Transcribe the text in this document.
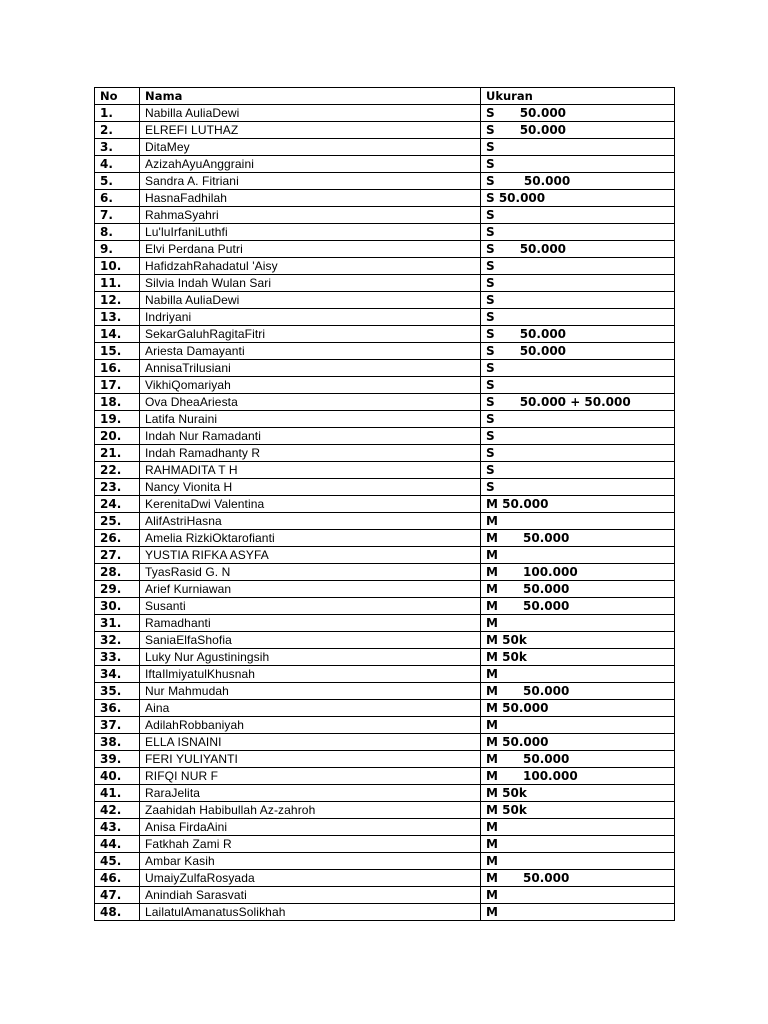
No	Nama	Ukuran
1.	Nabilla AuliaDewi	S      50.000
2.	ELREFI LUTHAZ	S      50.000
3.	DitaMey	S
4.	AzizahAyuAnggraini	S
5.	Sandra A. Fitriani	S       50.000
6.	HasnaFadhilah	S 50.000
7.	RahmaSyahri	S
8.	Lu'luIrfaniLuthfi	S
9.	Elvi Perdana Putri	S      50.000
10.	HafidzahRahadatul 'Aisy	S
11.	Silvia Indah Wulan Sari	S
12.	Nabilla AuliaDewi	S
13.	Indriyani	S
14.	SekarGaluhRagitaFitri	S      50.000
15.	Ariesta Damayanti	S      50.000
16.	AnnisaTrilusiani	S
17.	VikhiQomariyah	S
18.	Ova DheaAriesta	S      50.000 + 50.000
19.	Latifa Nuraini	S
20.	Indah Nur Ramadanti	S
21.	Indah Ramadhanty R	S
22.	RAHMADITA T H	S
23.	Nancy Vionita H	S
24.	KerenitaDwi Valentina	M 50.000
25.	AlifAstriHasna	M
26.	Amelia RizkiOktarofianti	M      50.000
27.	YUSTIA RIFKA ASYFA	M
28.	TyasRasid G. N	M      100.000
29.	Arief Kurniawan	M      50.000
30.	Susanti	M      50.000
31.	Ramadhanti	M
32.	SaniaElfaShofia	M 50k
33.	Luky Nur Agustiningsih	M 50k
34.	IftaIlmiyatulKhusnah	M
35.	Nur Mahmudah	M      50.000
36.	Aina	M 50.000
37.	AdilahRobbaniyah	M
38.	ELLA ISNAINI	M 50.000
39.	FERI YULIYANTI	M      50.000
40.	RIFQI NUR F	M      100.000
41.	RaraJelita	M 50k
42.	Zaahidah Habibullah Az-zahroh	M 50k
43.	Anisa FirdaAini	M
44.	Fatkhah Zami R	M
45.	Ambar Kasih	M
46.	UmaiyZulfaRosyada	M      50.000
47.	Anindiah Sarasvati	M
48.	LailatulAmanatusSolikhah	M
